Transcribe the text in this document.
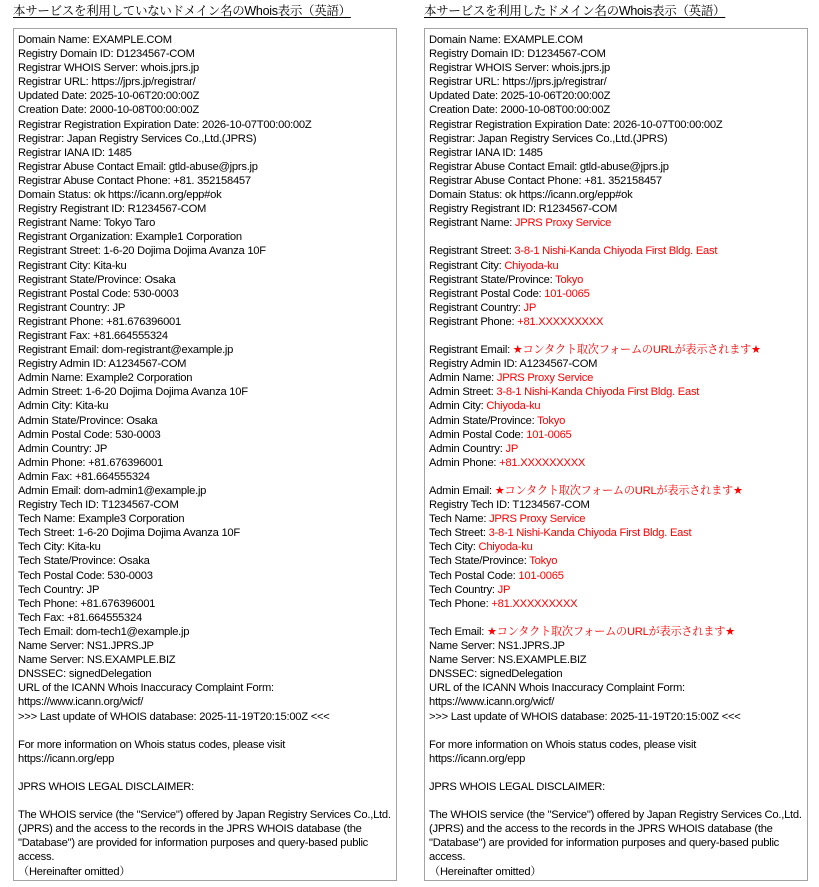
本サービスを利用していないドメイン名のWhois表示（英語）
Domain Name: EXAMPLE.COM
Registry Domain ID: D1234567-COM
Registrar WHOIS Server: whois.jprs.jp
Registrar URL: https://jprs.jp/registrar/
Updated Date: 2025-10-06T20:00:00Z
Creation Date: 2000-10-08T00:00:00Z
Registrar Registration Expiration Date: 2026-10-07T00:00:00Z
Registrar: Japan Registry Services Co.,Ltd.(JPRS)
Registrar IANA ID: 1485
Registrar Abuse Contact Email: gtld-abuse@jprs.jp
Registrar Abuse Contact Phone: +81. 352158457
Domain Status: ok https://icann.org/epp#ok
Registry Registrant ID: R1234567-COM
Registrant Name: Tokyo Taro
Registrant Organization: Example1 Corporation
Registrant Street: 1-6-20 Dojima Dojima Avanza 10F
Registrant City: Kita-ku
Registrant State/Province: Osaka
Registrant Postal Code: 530-0003
Registrant Country: JP
Registrant Phone: +81.676396001
Registrant Fax: +81.664555324
Registrant Email: dom-registrant@example.jp
Registry Admin ID: A1234567-COM
Admin Name: Example2 Corporation
Admin Street: 1-6-20 Dojima Dojima Avanza 10F
Admin City: Kita-ku
Admin State/Province: Osaka
Admin Postal Code: 530-0003
Admin Country: JP
Admin Phone: +81.676396001
Admin Fax: +81.664555324
Admin Email: dom-admin1@example.jp
Registry Tech ID: T1234567-COM
Tech Name: Example3 Corporation
Tech Street: 1-6-20 Dojima Dojima Avanza 10F
Tech City: Kita-ku
Tech State/Province: Osaka
Tech Postal Code: 530-0003
Tech Country: JP
Tech Phone: +81.676396001
Tech Fax: +81.664555324
Tech Email: dom-tech1@example.jp
Name Server: NS1.JPRS.JP
Name Server: NS.EXAMPLE.BIZ
DNSSEC: signedDelegation
URL of the ICANN Whois Inaccuracy Complaint Form:
https://www.icann.org/wicf/
>>> Last update of WHOIS database: 2025-11-19T20:15:00Z <<<
For more information on Whois status codes, please visit
https://icann.org/epp
JPRS WHOIS LEGAL DISCLAIMER:
The WHOIS service (the "Service") offered by Japan Registry Services Co.,Ltd. (JPRS) and the access to the records in the JPRS WHOIS database (the "Database") are provided for information purposes and query-based public access.
（Hereinafter omitted）
本サービスを利用したドメイン名のWhois表示（英語）
Domain Name: EXAMPLE.COM
Registry Domain ID: D1234567-COM
Registrar WHOIS Server: whois.jprs.jp
Registrar URL: https://jprs.jp/registrar/
Updated Date: 2025-10-06T20:00:00Z
Creation Date: 2000-10-08T00:00:00Z
Registrar Registration Expiration Date: 2026-10-07T00:00:00Z
Registrar: Japan Registry Services Co.,Ltd.(JPRS)
Registrar IANA ID: 1485
Registrar Abuse Contact Email: gtld-abuse@jprs.jp
Registrar Abuse Contact Phone: +81. 352158457
Domain Status: ok https://icann.org/epp#ok
Registry Registrant ID: R1234567-COM
Registrant Name: JPRS Proxy Service
Registrant Street: 3-8-1 Nishi-Kanda Chiyoda First Bldg. East
Registrant City: Chiyoda-ku
Registrant State/Province: Tokyo
Registrant Postal Code: 101-0065
Registrant Country: JP
Registrant Phone: +81.XXXXXXXXX
Registrant Email: ★コンタクト取次フォームのURLが表示されます★
Registry Admin ID: A1234567-COM
Admin Name: JPRS Proxy Service
Admin Street: 3-8-1 Nishi-Kanda Chiyoda First Bldg. East
Admin City: Chiyoda-ku
Admin State/Province: Tokyo
Admin Postal Code: 101-0065
Admin Country: JP
Admin Phone: +81.XXXXXXXXX
Admin Email: ★コンタクト取次フォームのURLが表示されます★
Registry Tech ID: T1234567-COM
Tech Name: JPRS Proxy Service
Tech Street: 3-8-1 Nishi-Kanda Chiyoda First Bldg. East
Tech City: Chiyoda-ku
Tech State/Province: Tokyo
Tech Postal Code: 101-0065
Tech Country: JP
Tech Phone: +81.XXXXXXXXX
Tech Email: ★コンタクト取次フォームのURLが表示されます★
Name Server: NS1.JPRS.JP
Name Server: NS.EXAMPLE.BIZ
DNSSEC: signedDelegation
URL of the ICANN Whois Inaccuracy Complaint Form:
https://www.icann.org/wicf/
>>> Last update of WHOIS database: 2025-11-19T20:15:00Z <<<
For more information on Whois status codes, please visit
https://icann.org/epp
JPRS WHOIS LEGAL DISCLAIMER:
The WHOIS service (the "Service") offered by Japan Registry Services Co.,Ltd. (JPRS) and the access to the records in the JPRS WHOIS database (the "Database") are provided for information purposes and query-based public access.
（Hereinafter omitted）
